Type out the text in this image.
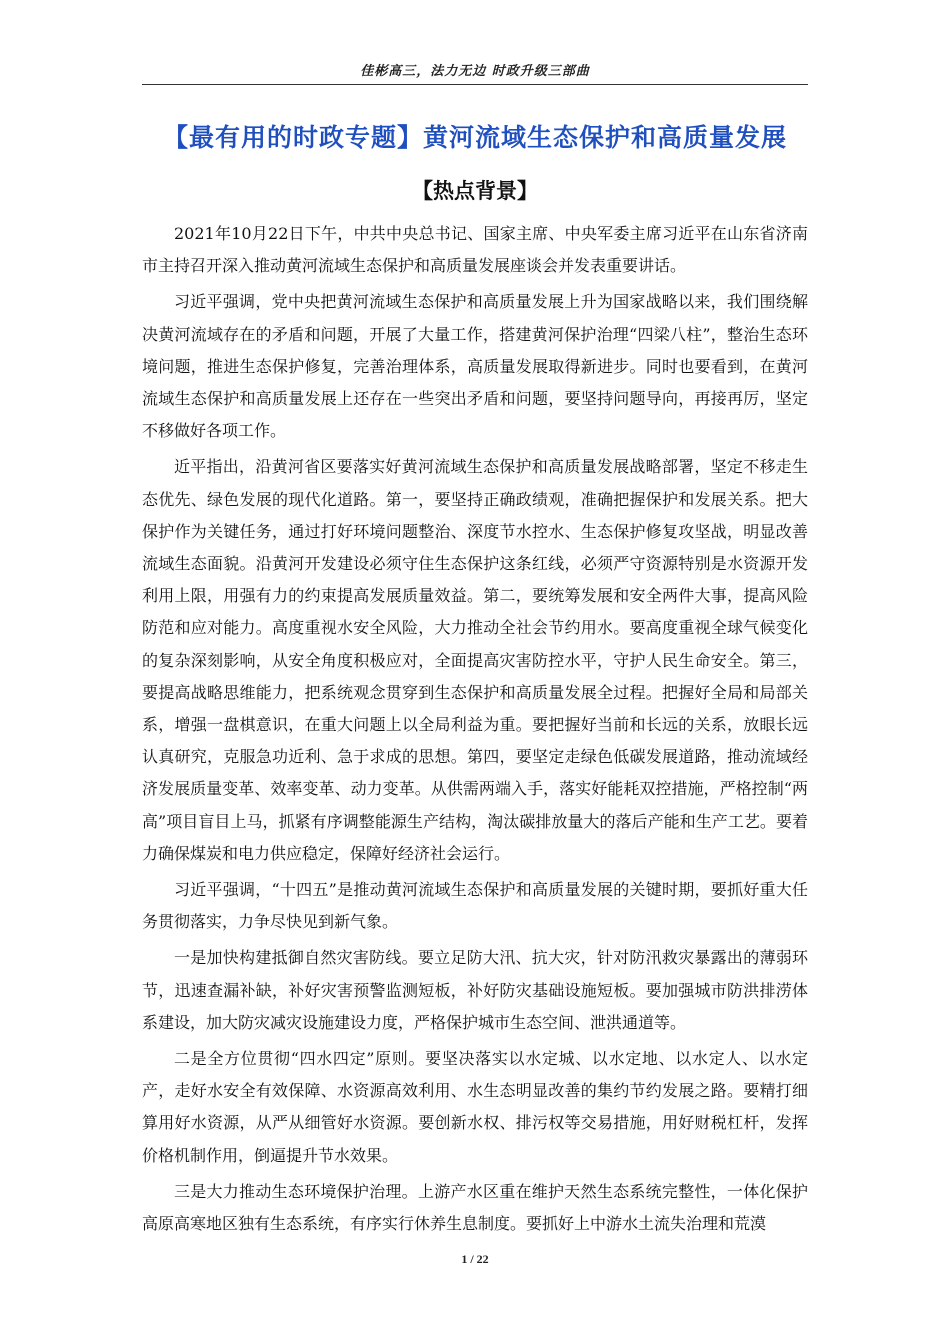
佳彬高三，法力无边 时政升级三部曲
【最有用的时政专题】黄河流域生态保护和高质量发展
【热点背景】

2021年10月22日下午，中共中央总书记、国家主席、中央军委主席习近平在山东省济南市主持召开深入推动黄河流域生态保护和高质量发展座谈会并发表重要讲话。

习近平强调，党中央把黄河流域生态保护和高质量发展上升为国家战略以来，我们围绕解决黄河流域存在的矛盾和问题，开展了大量工作，搭建黄河保护治理“四梁八柱”，整治生态环境问题，推进生态保护修复，完善治理体系，高质量发展取得新进步。同时也要看到，在黄河流域生态保护和高质量发展上还存在一些突出矛盾和问题，要坚持问题导向，再接再厉，坚定不移做好各项工作。

近平指出，沿黄河省区要落实好黄河流域生态保护和高质量发展战略部署，坚定不移走生态优先、绿色发展的现代化道路。第一，要坚持正确政绩观，准确把握保护和发展关系。把大保护作为关键任务，通过打好环境问题整治、深度节水控水、生态保护修复攻坚战，明显改善流域生态面貌。沿黄河开发建设必须守住生态保护这条红线，必须严守资源特别是水资源开发利用上限，用强有力的约束提高发展质量效益。第二，要统筹发展和安全两件大事，提高风险防范和应对能力。高度重视水安全风险，大力推动全社会节约用水。要高度重视全球气候变化的复杂深刻影响，从安全角度积极应对，全面提高灾害防控水平，守护人民生命安全。第三，要提高战略思维能力，把系统观念贯穿到生态保护和高质量发展全过程。把握好全局和局部关系，增强一盘棋意识，在重大问题上以全局利益为重。要把握好当前和长远的关系，放眼长远认真研究，克服急功近利、急于求成的思想。第四，要坚定走绿色低碳发展道路，推动流域经济发展质量变革、效率变革、动力变革。从供需两端入手，落实好能耗双控措施，严格控制“两高”项目盲目上马，抓紧有序调整能源生产结构，淘汰碳排放量大的落后产能和生产工艺。要着力确保煤炭和电力供应稳定，保障好经济社会运行。

习近平强调，“十四五”是推动黄河流域生态保护和高质量发展的关键时期，要抓好重大任务贯彻落实，力争尽快见到新气象。

一是加快构建抵御自然灾害防线。要立足防大汛、抗大灾，针对防汛救灾暴露出的薄弱环节，迅速查漏补缺，补好灾害预警监测短板，补好防灾基础设施短板。要加强城市防洪排涝体系建设，加大防灾减灾设施建设力度，严格保护城市生态空间、泄洪通道等。

二是全方位贯彻“四水四定”原则。要坚决落实以水定城、以水定地、以水定人、以水定产，走好水安全有效保障、水资源高效利用、水生态明显改善的集约节约发展之路。要精打细算用好水资源，从严从细管好水资源。要创新水权、排污权等交易措施，用好财税杠杆，发挥价格机制作用，倒逼提升节水效果。

三是大力推动生态环境保护治理。上游产水区重在维护天然生态系统完整性，一体化保护高原高寒地区独有生态系统，有序实行休养生息制度。要抓好上中游水土流失治理和荒漠

1 / 22
